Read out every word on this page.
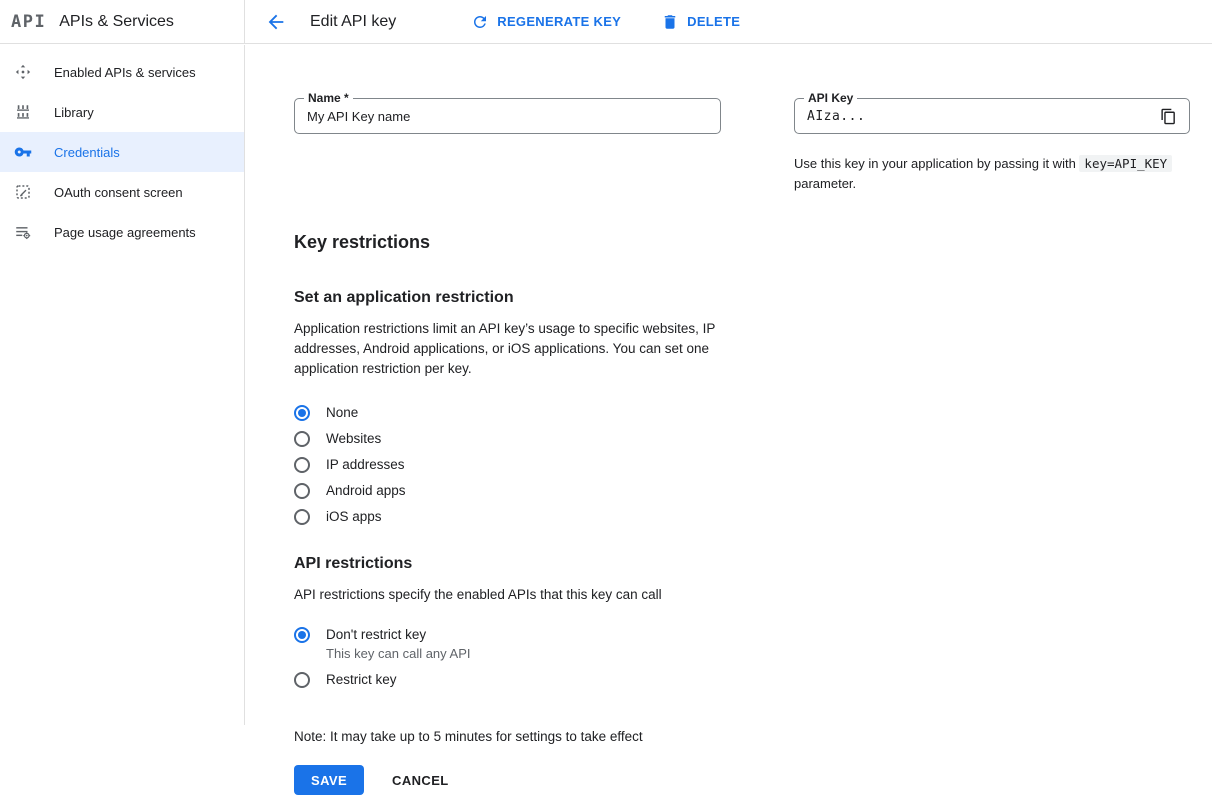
API APIs & Services	Edit API key	REGENERATE KEY	DELETE
Enabled APIs & services
Library
Credentials
OAuth consent screen
Page usage agreements
Name *
My API Key name	API Key
AIza...

Use this key in your application by passing it with key=API_KEY parameter.

Key restrictions
Set an application restriction

Application restrictions limit an API key’s usage to specific websites, IP addresses, Android applications, or iOS applications. You can set one application restriction per key.

None
Websites
IP addresses
Android apps
iOS apps
API restrictions

API restrictions specify the enabled APIs that this key can call

Don't restrict key
This key can call any API
Restrict key

Note: It may take up to 5 minutes for settings to take effect

SAVE	CANCEL
